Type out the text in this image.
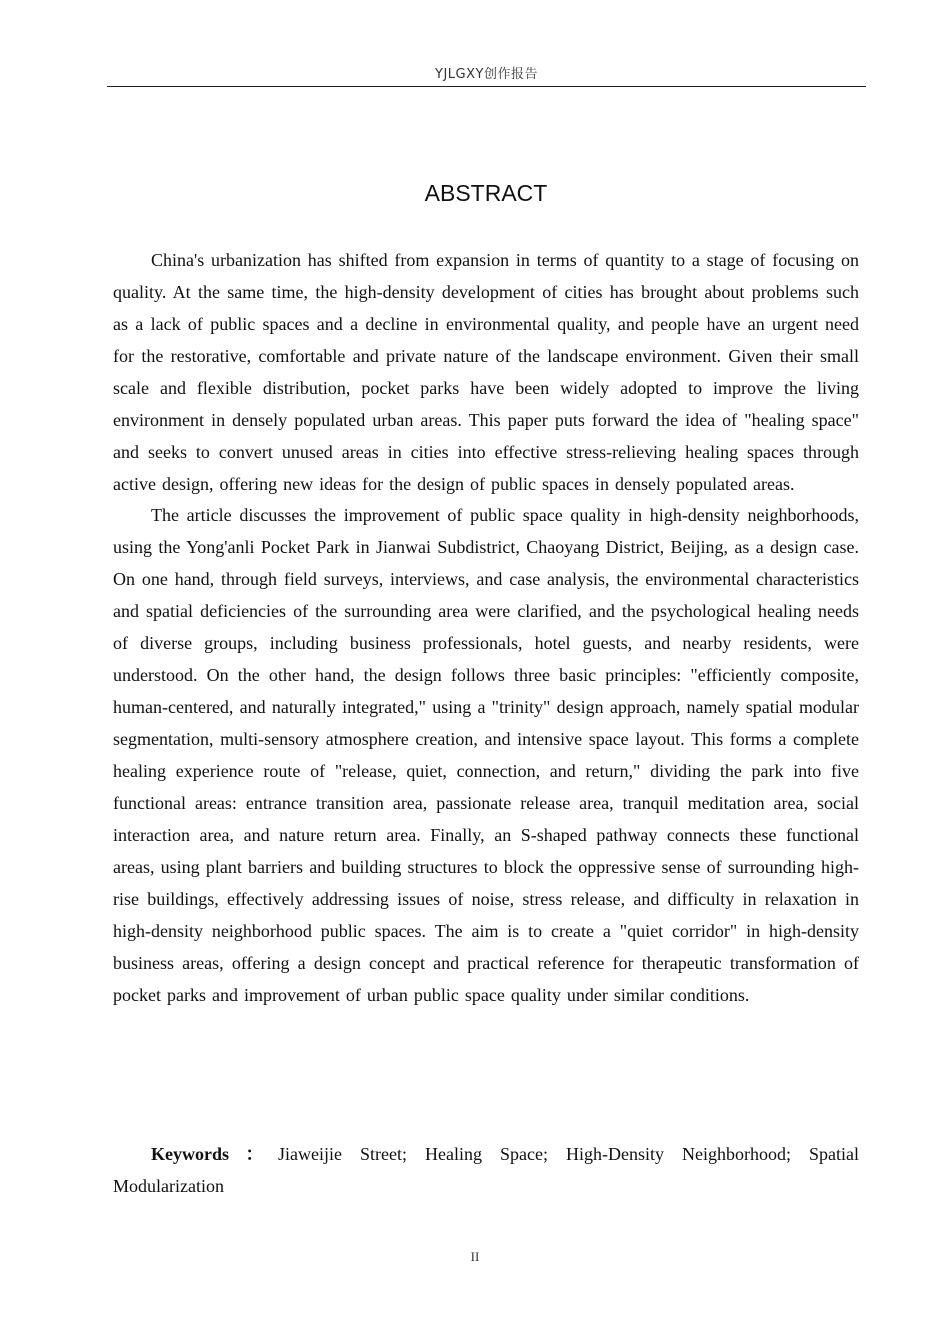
YJLGXY创作报告
ABSTRACT

China's urbanization has shifted from expansion in terms of quantity to a stage of focusing on quality. At the same time, the high-density development of cities has brought about problems such as a lack of public spaces and a decline in environmental quality, and people have an urgent need for the restorative, comfortable and private nature of the landscape environment. Given their small scale and flexible distribution, pocket parks have been widely adopted to improve the living environment in densely populated urban areas. This paper puts forward the idea of "healing space" and seeks to convert unused areas in cities into effective stress-relieving healing spaces through active design, offering new ideas for the design of public spaces in densely populated areas.

The article discusses the improvement of public space quality in high-density neighborhoods, using the Yong'anli Pocket Park in Jianwai Subdistrict, Chaoyang District, Beijing, as a design case. On one hand, through field surveys, interviews, and case analysis, the environmental characteristics and spatial deficiencies of the surrounding area were clarified, and the psychological healing needs of diverse groups, including business professionals, hotel guests, and nearby residents, were understood. On the other hand, the design follows three basic principles: "efficiently composite, human-centered, and naturally integrated," using a "trinity" design approach, namely spatial modular segmentation, multi-sensory atmosphere creation, and intensive space layout. This forms a complete healing experience route of "release, quiet, connection, and return," dividing the park into five functional areas: entrance transition area, passionate release area, tranquil meditation area, social interaction area, and nature return area. Finally, an S-shaped pathway connects these functional areas, using plant barriers and building structures to block the oppressive sense of surrounding high-rise buildings, effectively addressing issues of noise, stress release, and difficulty in relaxation in high-density neighborhood public spaces. The aim is to create a "quiet corridor" in high-density business areas, offering a design concept and practical reference for therapeutic transformation of pocket parks and improvement of urban public space quality under similar conditions.

Keywords ： Jiaweijie Street; Healing Space; High-Density Neighborhood; Spatial Modularization

II
